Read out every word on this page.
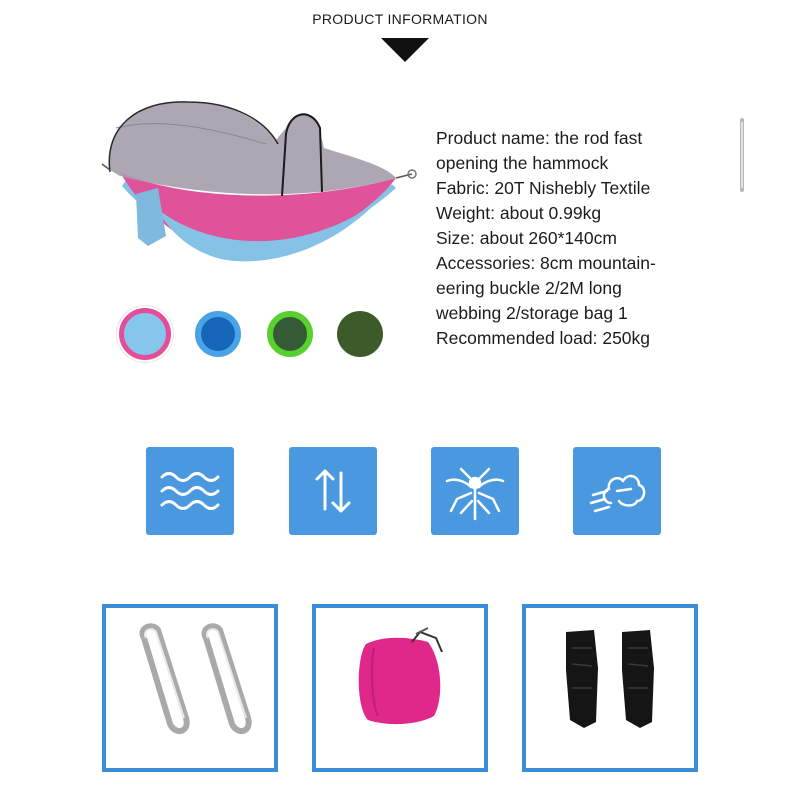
PRODUCT INFORMATION
Product name: the rod fast
opening the hammock
Fabric: 20T Nishebly Textile
Weight: about 0.99kg
Size: about 260*140cm
Accessories: 8cm mountain-
eering buckle 2/2M long
webbing 2/storage bag 1
Recommended load: 250kg
